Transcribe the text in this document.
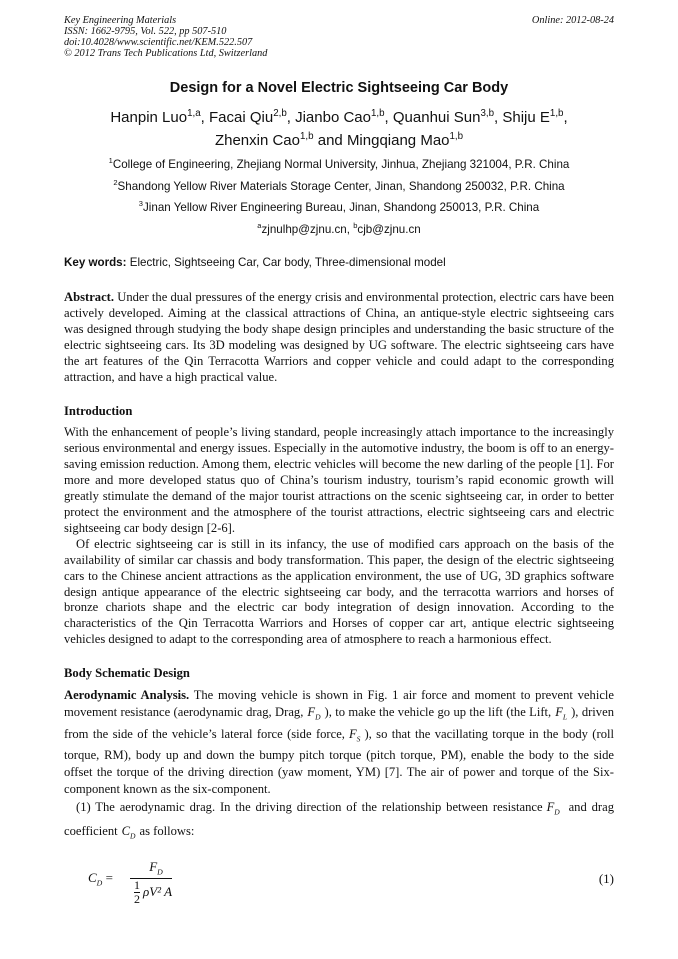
Key Engineering Materials
ISSN: 1662-9795, Vol. 522, pp 507-510
doi:10.4028/www.scientific.net/KEM.522.507
© 2012 Trans Tech Publications Ltd, Switzerland
Online: 2012-08-24
Design for a Novel Electric Sightseeing Car Body
Hanpin Luo$^{1,a}$, Facai Qiu$^{2,b}$, Jianbo Cao$^{1,b}$, Quanhui Sun$^{3,b}$, Shiju E$^{1,b}$,
Zhenxin Cao$^{1,b}$ and Mingqiang Mao$^{1,b}$
$^1$College of Engineering, Zhejiang Normal University, Jinhua, Zhejiang 321004, P.R. China
$^2$Shandong Yellow River Materials Storage Center, Jinan, Shandong 250032, P.R. China
$^3$Jinan Yellow River Engineering Bureau, Jinan, Shandong 250013, P.R. China
$^a$zjnulhp@zjnu.cn, $^b$cjb@zjnu.cn
Key words: Electric, Sightseeing Car, Car body, Three-dimensional model
Abstract. Under the dual pressures of the energy crisis and environmental protection, electric cars have been actively developed. Aiming at the classical attractions of China, an antique-style electric sightseeing cars was designed through studying the body shape design principles and understanding the basic structure of the electric sightseeing cars. Its 3D modeling was designed by UG software. The electric sightseeing cars have the art features of the Qin Terracotta Warriors and copper vehicle and could adapt to the corresponding attraction, and have a high practical value.
Introduction
With the enhancement of people’s living standard, people increasingly attach importance to the increasingly serious environmental and energy issues. Especially in the automotive industry, the boom is off to an energy-saving emission reduction. Among them, electric vehicles will become the new darling of the people [1]. For more and more developed status quo of China’s tourism industry, tourism’s rapid economic growth will greatly stimulate the demand of the major tourist attractions on the scenic sightseeing car, in order to better protect the environment and the atmosphere of the tourist attractions, electric sightseeing cars and electric sightseeing car body design [2-6].
Of electric sightseeing car is still in its infancy, the use of modified cars approach on the basis of the availability of similar car chassis and body transformation. This paper, the design of the electric sightseeing cars to the Chinese ancient attractions as the application environment, the use of UG, 3D graphics software design antique appearance of the electric sightseeing car body, and the terracotta warriors and horses of bronze chariots shape and the electric car body integration of design innovation. According to the characteristics of the Qin Terracotta Warriors and Horses of copper car art, antique electric sightseeing vehicles designed to adapt to the corresponding area of atmosphere to reach a harmonious effect.
Body Schematic Design
Aerodynamic Analysis. The moving vehicle is shown in Fig. 1 air force and moment to prevent vehicle movement resistance (aerodynamic drag, Drag, $F_D$ ), to make the vehicle go up the lift (the Lift, $F_L$ ), driven from the side of the vehicle’s lateral force (side force, $F_S$ ), so that the vacillating torque in the body (roll torque, RM), body up and down the bumpy pitch torque (pitch torque, PM), enable the body to the side offset the torque of the driving direction (yaw moment, YM) [7]. The air of power and torque of the Six-component known as the six-component.
(1) The aerodynamic drag. In the driving direction of the relationship between resistance $F_D$ and drag coefficient $C_D$ as follows:
$C_D = F_D$
1
2 ρV² A	(1)
